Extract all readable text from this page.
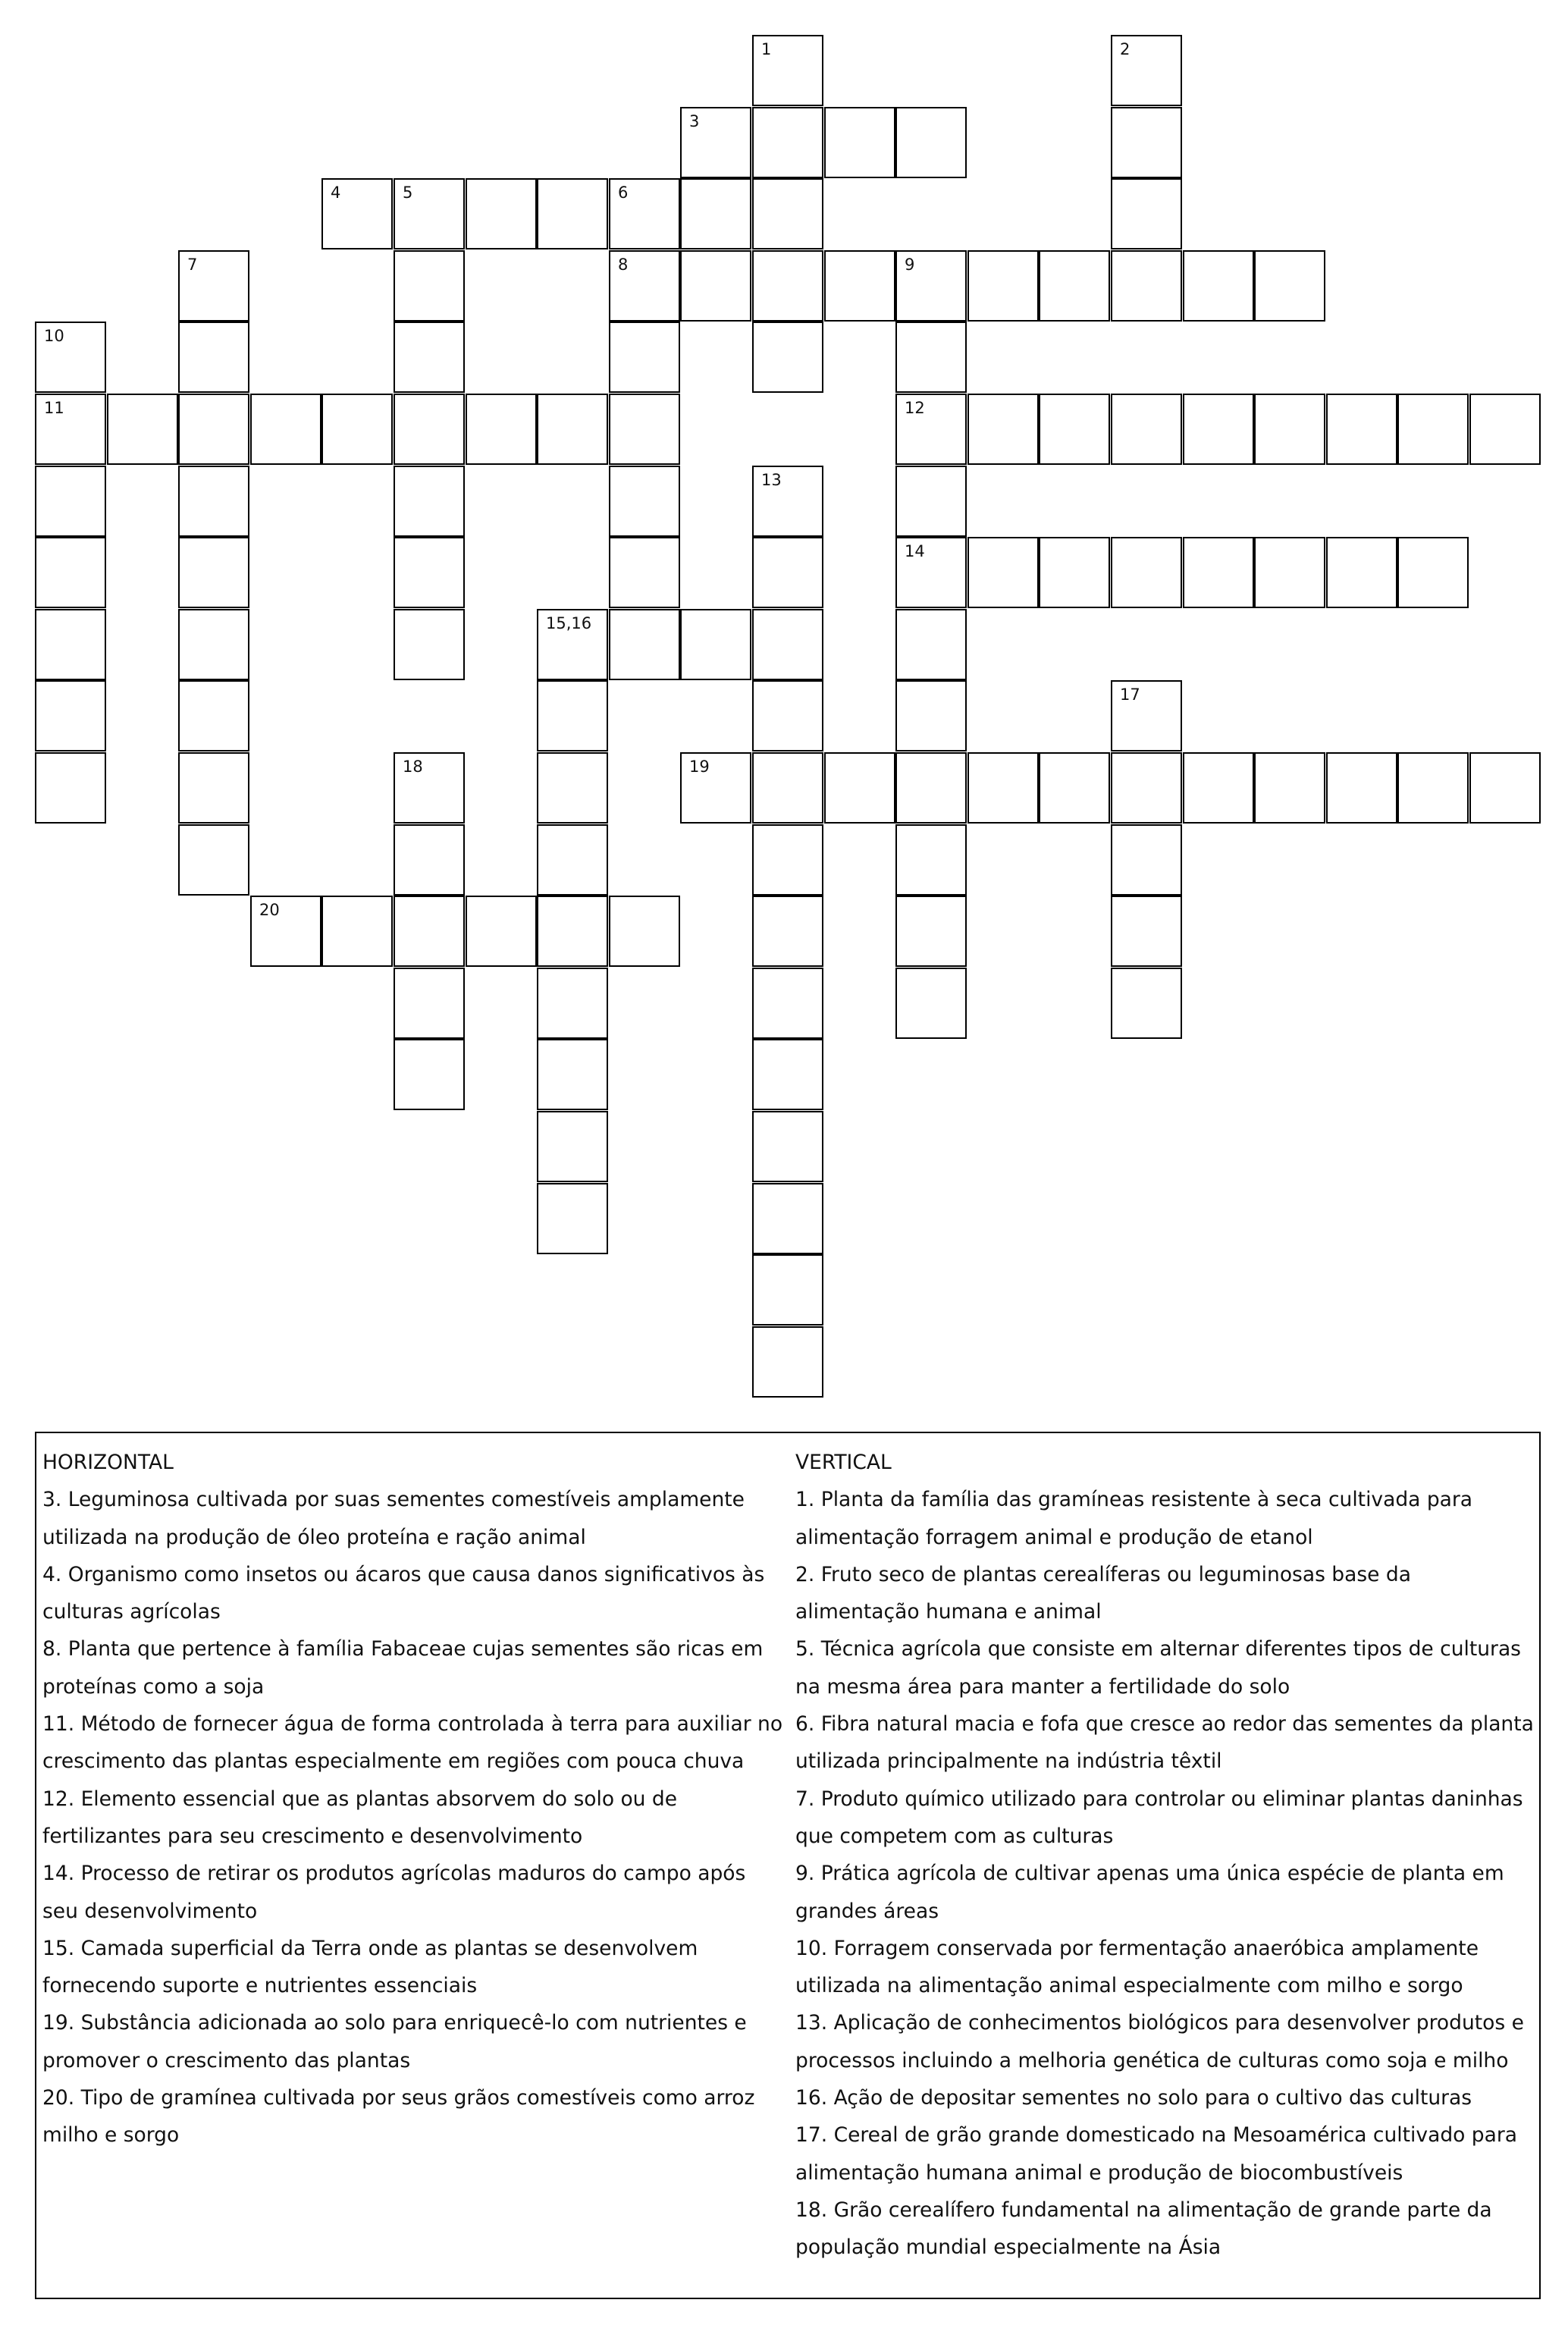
1	2
3
4	5	6
8
7	9
12
14
10
11
13
15,16
17
18	19
20
HORIZONTAL
3. Leguminosa cultivada por suas sementes comestíveis amplamente utilizada na produção de óleo proteína e ração animal
4. Organismo como insetos ou ácaros que causa danos significativos às culturas agrícolas
8. Planta que pertence à família Fabaceae cujas sementes são ricas em proteínas como a soja
11. Método de fornecer água de forma controlada à terra para auxiliar no crescimento das plantas especialmente em regiões com pouca chuva
12. Elemento essencial que as plantas absorvem do solo ou de fertilizantes para seu crescimento e desenvolvimento
14. Processo de retirar os produtos agrícolas maduros do campo após seu desenvolvimento
15. Camada superficial da Terra onde as plantas se desenvolvem fornecendo suporte e nutrientes essenciais
19. Substância adicionada ao solo para enriquecê-lo com nutrientes e promover o crescimento das plantas
20. Tipo de gramínea cultivada por seus grãos comestíveis como arroz milho e sorgo
VERTICAL
1. Planta da família das gramíneas resistente à seca cultivada para alimentação forragem animal e produção de etanol
2. Fruto seco de plantas cerealíferas ou leguminosas base da alimentação humana e animal
5. Técnica agrícola que consiste em alternar diferentes tipos de culturas na mesma área para manter a fertilidade do solo
6. Fibra natural macia e fofa que cresce ao redor das sementes da planta utilizada principalmente na indústria têxtil
7. Produto químico utilizado para controlar ou eliminar plantas daninhas que competem com as culturas
9. Prática agrícola de cultivar apenas uma única espécie de planta em grandes áreas
10. Forragem conservada por fermentação anaeróbica amplamente utilizada na alimentação animal especialmente com milho e sorgo
13. Aplicação de conhecimentos biológicos para desenvolver produtos e processos incluindo a melhoria genética de culturas como soja e milho
16. Ação de depositar sementes no solo para o cultivo das culturas
17. Cereal de grão grande domesticado na Mesoamérica cultivado para alimentação humana animal e produção de biocombustíveis
18. Grão cerealífero fundamental na alimentação de grande parte da população mundial especialmente na Ásia
